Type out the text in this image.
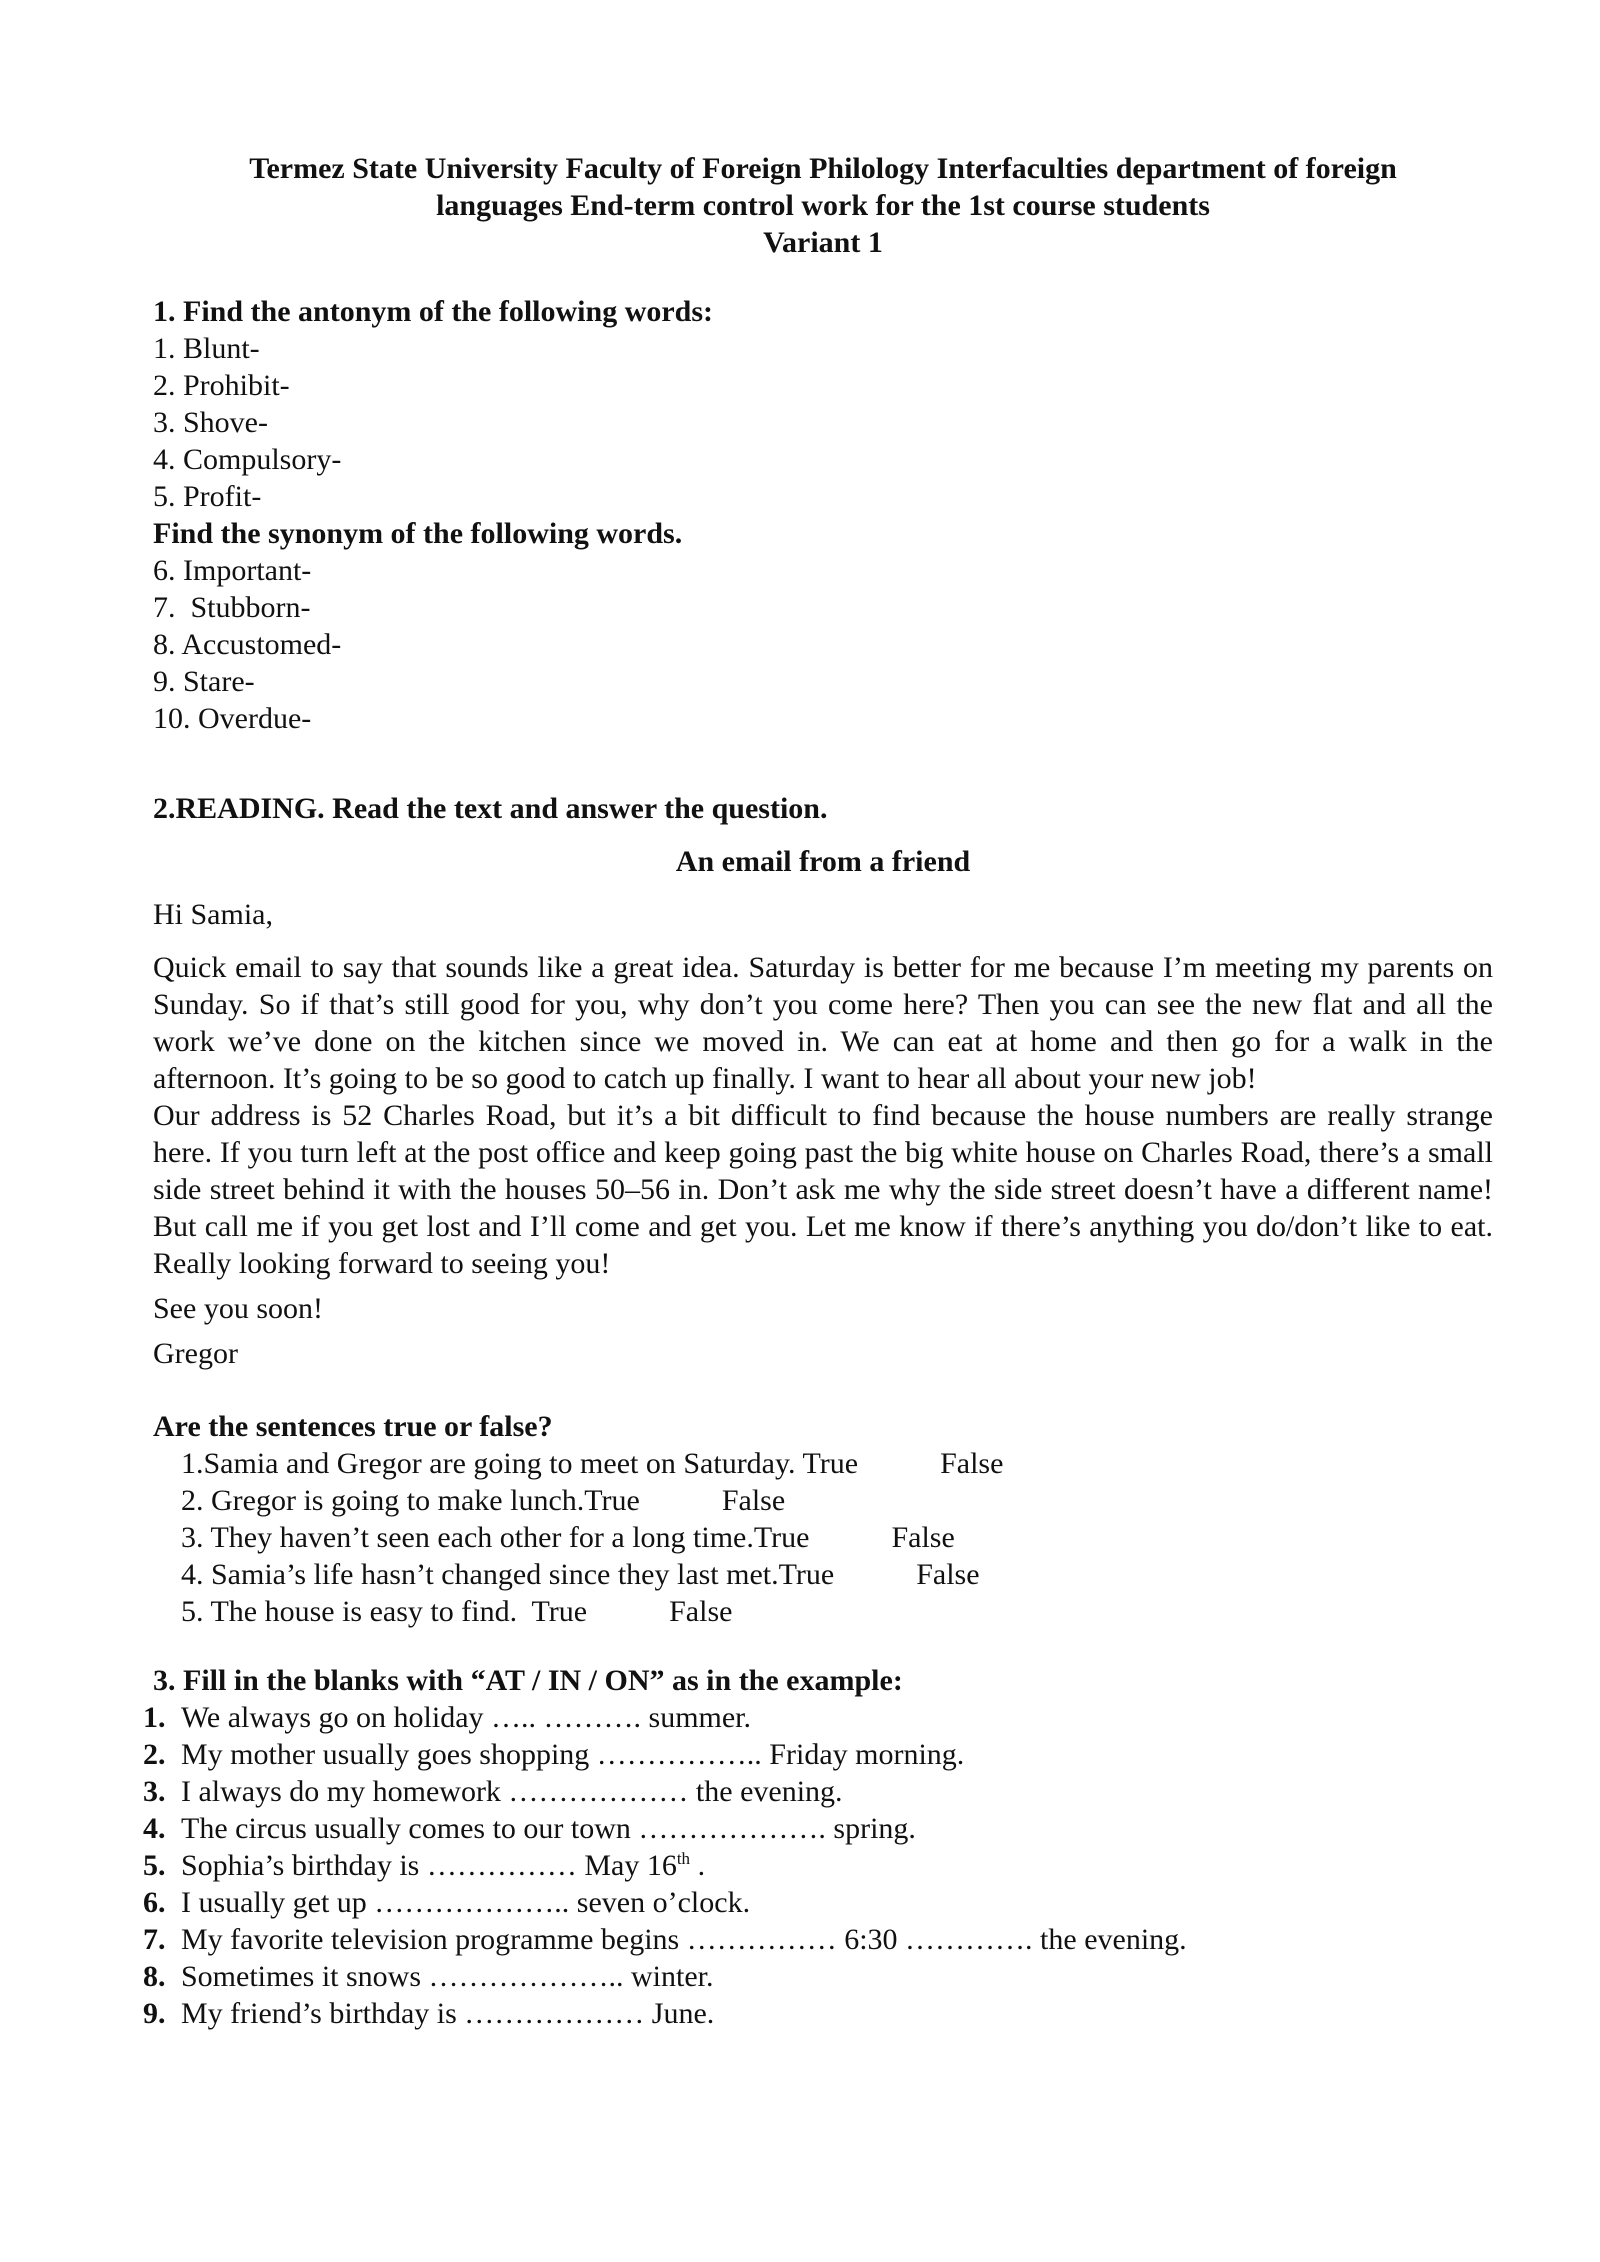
Termez State University Faculty of Foreign Philology Interfaculties department of foreign
languages End-term control work for the 1st course students
Variant 1
1. Find the antonym of the following words:
1. Blunt-
2. Prohibit-
3. Shove-
4. Compulsory-
5. Profit-
Find the synonym of the following words.
6. Important-
7.  Stubborn-
8. Accustomed-
9. Stare-
10. Overdue-
2.READING. Read the text and answer the question.
An email from a friend
Hi Samia,
Quick email to say that sounds like a great idea. Saturday is better for me because I’m meeting my parents on Sunday. So if that’s still good for you, why don’t you come here? Then you can see the new flat and all the work we’ve done on the kitchen since we moved in. We can eat at home and then go for a walk in the afternoon. It’s going to be so good to catch up finally. I want to hear all about your new job!
Our address is 52 Charles Road, but it’s a bit difficult to find because the house numbers are really strange here. If you turn left at the post office and keep going past the big white house on Charles Road, there’s a small side street behind it with the houses 50–56 in. Don’t ask me why the side street doesn’t have a different name! But call me if you get lost and I’ll come and get you. Let me know if there’s anything you do/don’t like to eat. Really looking forward to seeing you!
See you soon!
Gregor
Are the sentences true or false?
1.Samia and Gregor are going to meet on Saturday. True	False
2. Gregor is going to make lunch.True	False
3. They haven’t seen each other for a long time.True	False
4. Samia’s life hasn’t changed since they last met.True	False
5. The house is easy to find.  True	False
3. Fill in the blanks with “AT / IN / ON” as in the example:
1. We always go on holiday ….. ………. summer.
2. My mother usually goes shopping …………….. Friday morning.
3. I always do my homework ……………… the evening.
4. The circus usually comes to our town ………………. spring.
5. Sophia’s birthday is …………… May 16th .
6. I usually get up ……………….. seven o’clock.
7. My favorite television programme begins …………… 6:30 …………. the evening.
8. Sometimes it snows ……………….. winter.
9. My friend’s birthday is ……………… June.
